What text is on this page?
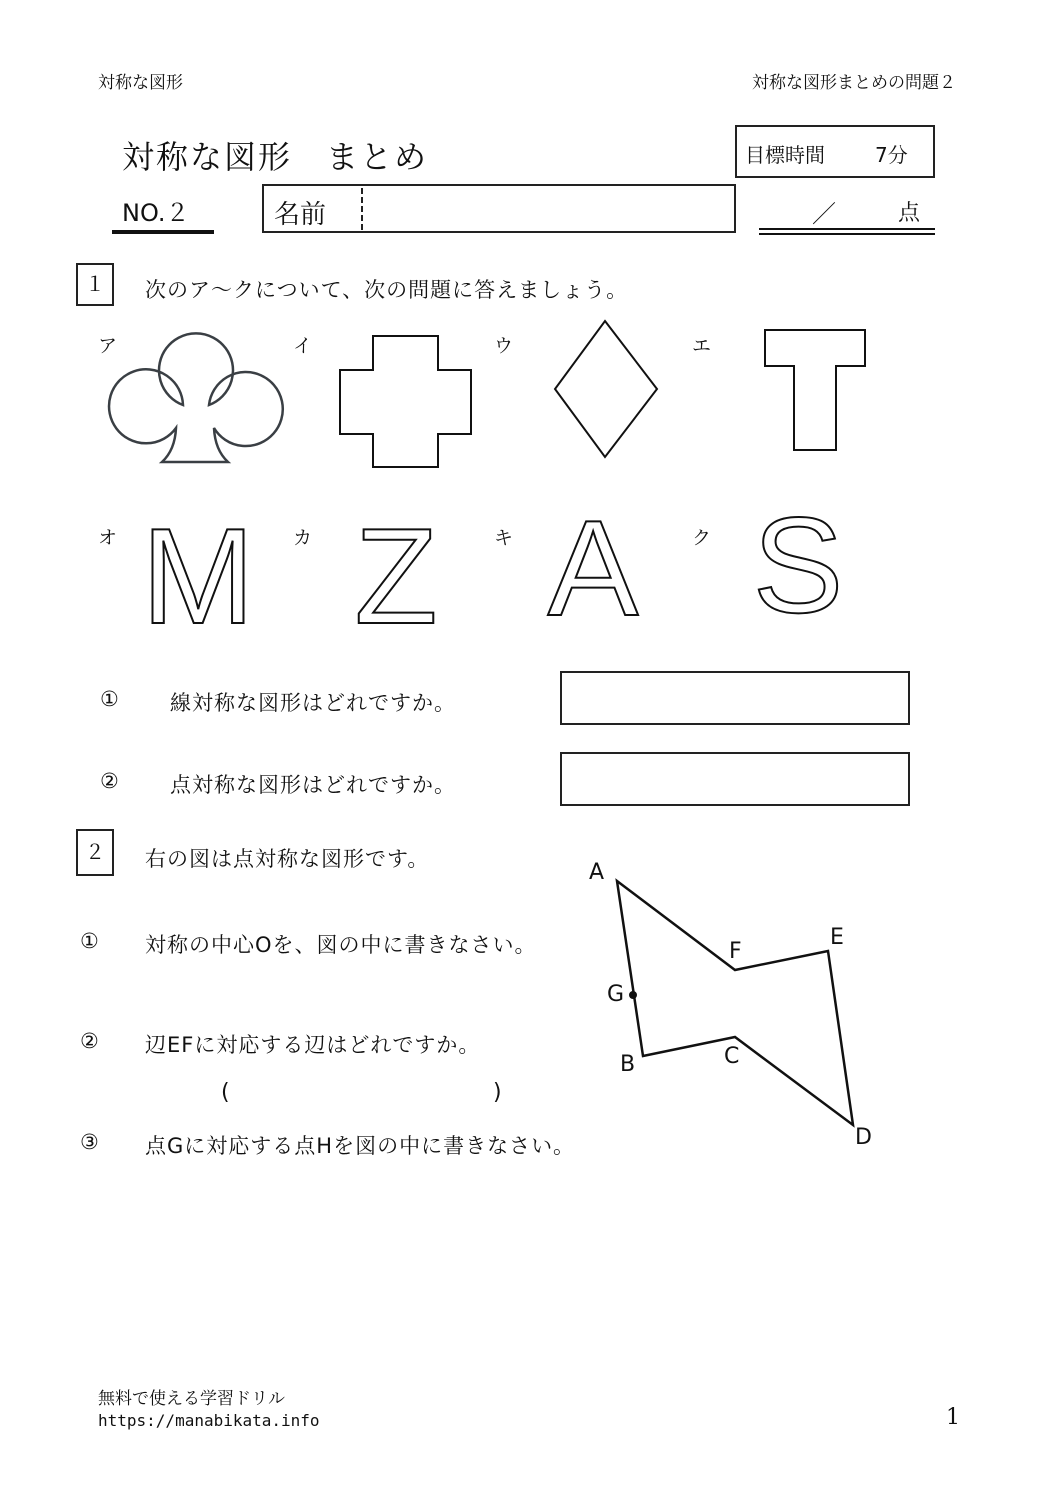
対称な図形	対称な図形まとめの問題２
対称な図形　まとめ	目標時間	7分
NO.２	名前	／	点
１	次のア～クについて、次の問題に答えましょう。
ア	イ	ウ	エ
オ	カ	キ	ク
M Z A S
① 線対称な図形はどれですか。
② 点対称な図形はどれですか。
２	右の図は点対称な図形です。
① 対称の中心Oを、図の中に書きなさい。
② 辺EFに対応する辺はどれですか。
(	)
③ 点Gに対応する点Hを図の中に書きなさい。
A
B	C
D
E
F
G
無料で使える学習ドリル
https://manabikata.info	1
